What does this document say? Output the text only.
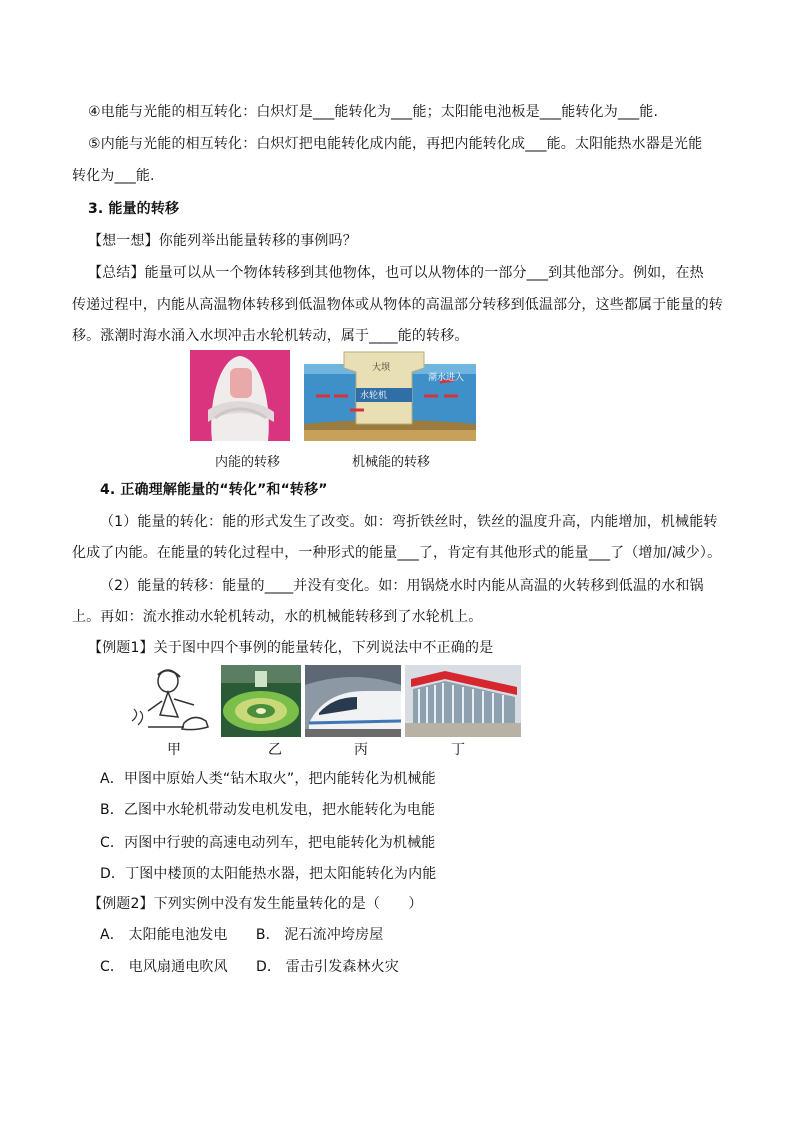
④电能与光能的相互转化：白炽灯是___能转化为___能；太阳能电池板是___能转化为___能.
⑤内能与光能的相互转化：白炽灯把电能转化成内能，再把内能转化成___能。太阳能热水器是光能
转化为___能.
3. 能量的转移
【想一想】你能列举出能量转移的事例吗？
【总结】能量可以从一个物体转移到其他物体，也可以从物体的一部分___到其他部分。例如，在热
传递过程中，内能从高温物体转移到低温物体或从物体的高温部分转移到低温部分，这些都属于能量的转
移。涨潮时海水涌入水坝冲击水轮机转动，属于____能的转移。
大坝
潮水进入
水轮机
内能的转移	机械能的转移
4. 正确理解能量的“转化”和“转移”
（1）能量的转化：能的形式发生了改变。如：弯折铁丝时，铁丝的温度升高，内能增加，机械能转
化成了内能。在能量的转化过程中，一种形式的能量___了，肯定有其他形式的能量___了（增加/减少）。
（2）能量的转移：能量的____并没有变化。如：用锅烧水时内能从高温的火转移到低温的水和锅
上。再如：流水推动水轮机转动，水的机械能转移到了水轮机上。
【例题1】关于图中四个事例的能量转化，下列说法中不正确的是
甲	乙	丙	丁
A．甲图中原始人类“钻木取火”，把内能转化为机械能
B．乙图中水轮机带动发电机发电，把水能转化为电能
C．丙图中行驶的高速电动列车，把电能转化为机械能
D．丁图中楼顶的太阳能热水器，把太阳能转化为内能
【例题2】下列实例中没有发生能量转化的是（　　）
A． 太阳能电池发电　　B． 泥石流冲垮房屋
C． 电风扇通电吹风　　D． 雷击引发森林火灾
